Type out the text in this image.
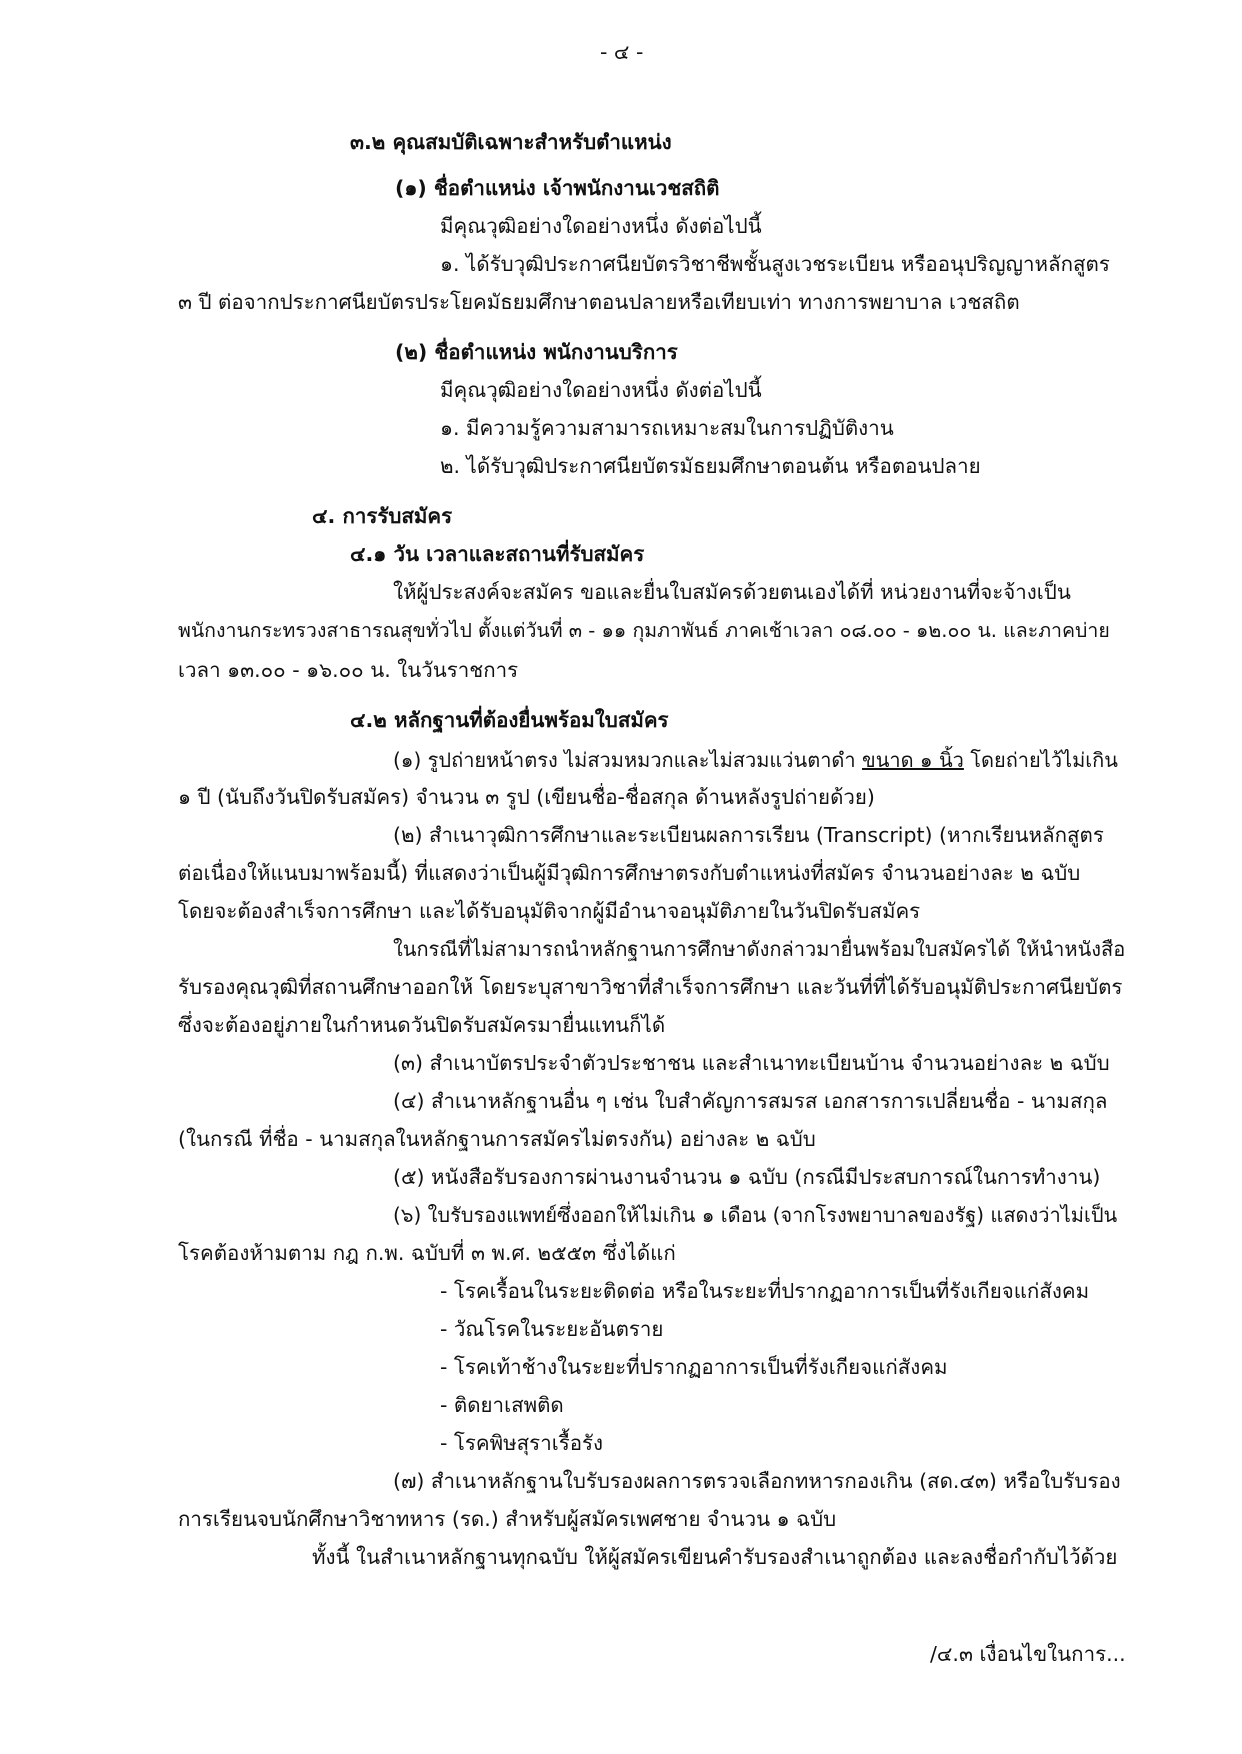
- ๔ -
๓.๒ คุณสมบัติเฉพาะสำหรับตำแหน่ง
(๑) ชื่อตำแหน่ง เจ้าพนักงานเวชสถิติ
มีคุณวุฒิอย่างใดอย่างหนึ่ง ดังต่อไปนี้
๑. ได้รับวุฒิประกาศนียบัตรวิชาชีพชั้นสูงเวชระเบียน หรืออนุปริญญาหลักสูตร
๓ ปี ต่อจากประกาศนียบัตรประโยคมัธยมศึกษาตอนปลายหรือเทียบเท่า ทางการพยาบาล เวชสถิต
(๒) ชื่อตำแหน่ง พนักงานบริการ
มีคุณวุฒิอย่างใดอย่างหนึ่ง ดังต่อไปนี้
๑. มีความรู้ความสามารถเหมาะสมในการปฏิบัติงาน
๒. ได้รับวุฒิประกาศนียบัตรมัธยมศึกษาตอนต้น หรือตอนปลาย
๔. การรับสมัคร
๔.๑ วัน เวลาและสถานที่รับสมัคร
ให้ผู้ประสงค์จะสมัคร ขอและยื่นใบสมัครด้วยตนเองได้ที่ หน่วยงานที่จะจ้างเป็น
พนักงานกระทรวงสาธารณสุขทั่วไป ตั้งแต่วันที่ ๓ - ๑๑ กุมภาพันธ์ ภาคเช้าเวลา ๐๘.๐๐ - ๑๒.๐๐ น. และภาคบ่าย
เวลา ๑๓.๐๐ - ๑๖.๐๐ น. ในวันราชการ
๔.๒ หลักฐานที่ต้องยื่นพร้อมใบสมัคร
(๑) รูปถ่ายหน้าตรง ไม่สวมหมวกและไม่สวมแว่นตาดำ ขนาด ๑ นิ้ว โดยถ่ายไว้ไม่เกิน
๑ ปี (นับถึงวันปิดรับสมัคร) จำนวน ๓ รูป (เขียนชื่อ-ชื่อสกุล ด้านหลังรูปถ่ายด้วย)
(๒) สำเนาวุฒิการศึกษาและระเบียนผลการเรียน (Transcript) (หากเรียนหลักสูตร
ต่อเนื่องให้แนบมาพร้อมนี้) ที่แสดงว่าเป็นผู้มีวุฒิการศึกษาตรงกับตำแหน่งที่สมัคร จำนวนอย่างละ ๒ ฉบับ
โดยจะต้องสำเร็จการศึกษา และได้รับอนุมัติจากผู้มีอำนาจอนุมัติภายในวันปิดรับสมัคร
ในกรณีที่ไม่สามารถนำหลักฐานการศึกษาดังกล่าวมายื่นพร้อมใบสมัครได้ ให้นำหนังสือ
รับรองคุณวุฒิที่สถานศึกษาออกให้ โดยระบุสาขาวิชาที่สำเร็จการศึกษา และวันที่ที่ได้รับอนุมัติประกาศนียบัตร
ซึ่งจะต้องอยู่ภายในกำหนดวันปิดรับสมัครมายื่นแทนก็ได้
(๓) สำเนาบัตรประจำตัวประชาชน และสำเนาทะเบียนบ้าน จำนวนอย่างละ ๒ ฉบับ
(๔) สำเนาหลักฐานอื่น ๆ เช่น ใบสำคัญการสมรส เอกสารการเปลี่ยนชื่อ - นามสกุล
(ในกรณี ที่ชื่อ - นามสกุลในหลักฐานการสมัครไม่ตรงกัน) อย่างละ ๒ ฉบับ
(๕) หนังสือรับรองการผ่านงานจำนวน ๑ ฉบับ (กรณีมีประสบการณ์ในการทำงาน)
(๖) ใบรับรองแพทย์ซึ่งออกให้ไม่เกิน ๑ เดือน (จากโรงพยาบาลของรัฐ) แสดงว่าไม่เป็น
โรคต้องห้ามตาม กฎ ก.พ. ฉบับที่ ๓ พ.ศ. ๒๕๕๓ ซึ่งได้แก่
- โรคเรื้อนในระยะติดต่อ หรือในระยะที่ปรากฏอาการเป็นที่รังเกียจแก่สังคม
- วัณโรคในระยะอันตราย
- โรคเท้าช้างในระยะที่ปรากฏอาการเป็นที่รังเกียจแก่สังคม
- ติดยาเสพติด
- โรคพิษสุราเรื้อรัง
(๗) สำเนาหลักฐานใบรับรองผลการตรวจเลือกทหารกองเกิน (สด.๔๓) หรือใบรับรอง
การเรียนจบนักศึกษาวิชาทหาร (รด.) สำหรับผู้สมัครเพศชาย จำนวน ๑ ฉบับ
ทั้งนี้ ในสำเนาหลักฐานทุกฉบับ ให้ผู้สมัครเขียนคำรับรองสำเนาถูกต้อง และลงชื่อกำกับไว้ด้วย
/๔.๓ เงื่อนไขในการ...
